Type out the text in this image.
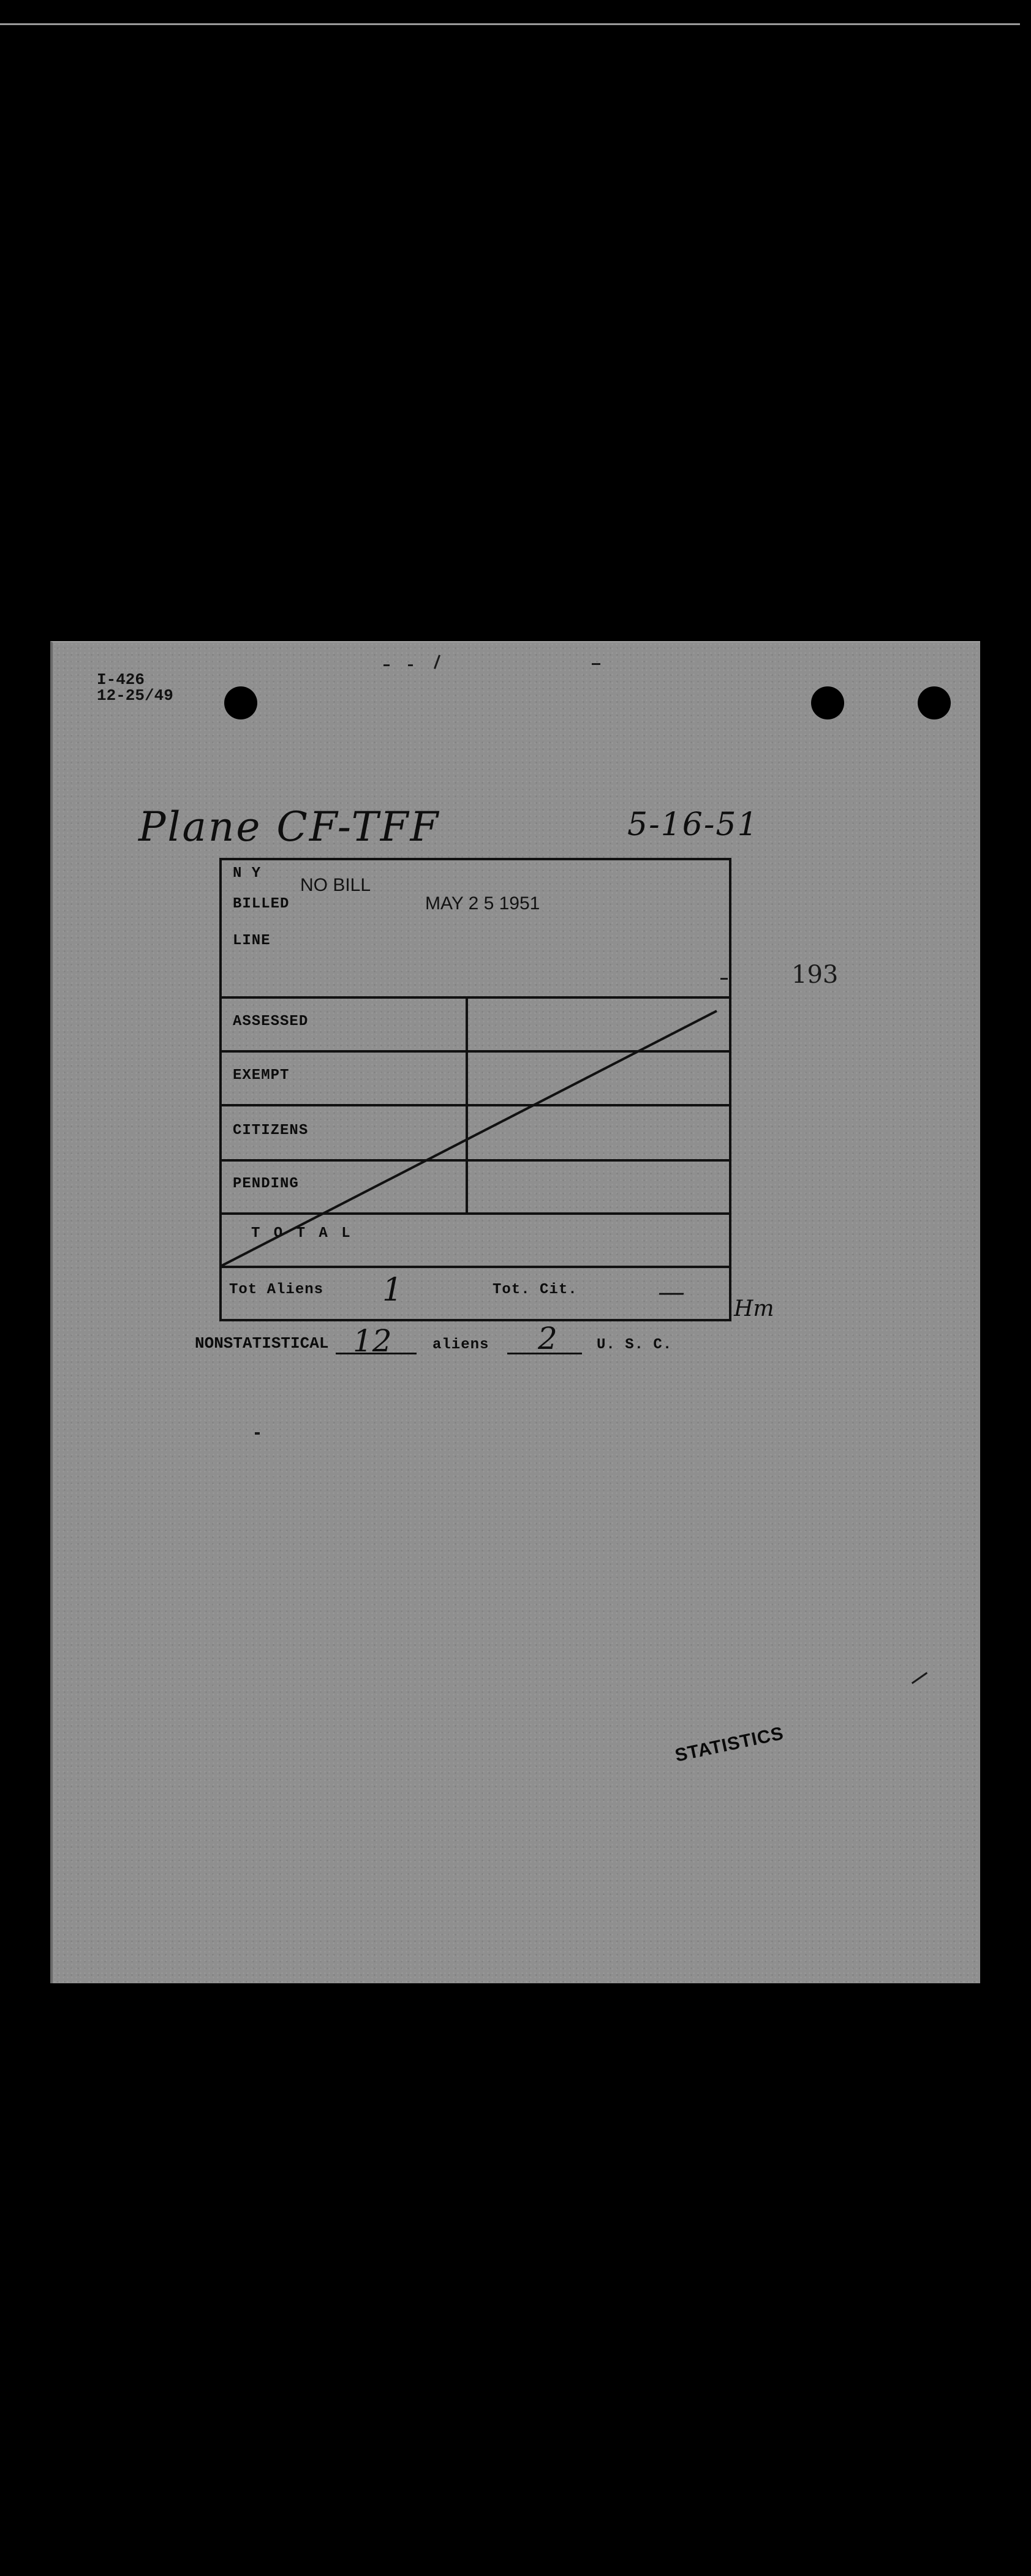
I-426
12-25/49
Plane CF-TFF	5-16-51
N Y
BILLED
LINE
NO BILL
MAY 2 5 1951
ASSESSED
EXEMPT
CITIZENS
PENDING
T O T A L
Tot Aliens 1	Tot. Cit.	—
Hm
193
NONSTATISTICAL 12	aliens 2	U. S. C.
STATISTICS
